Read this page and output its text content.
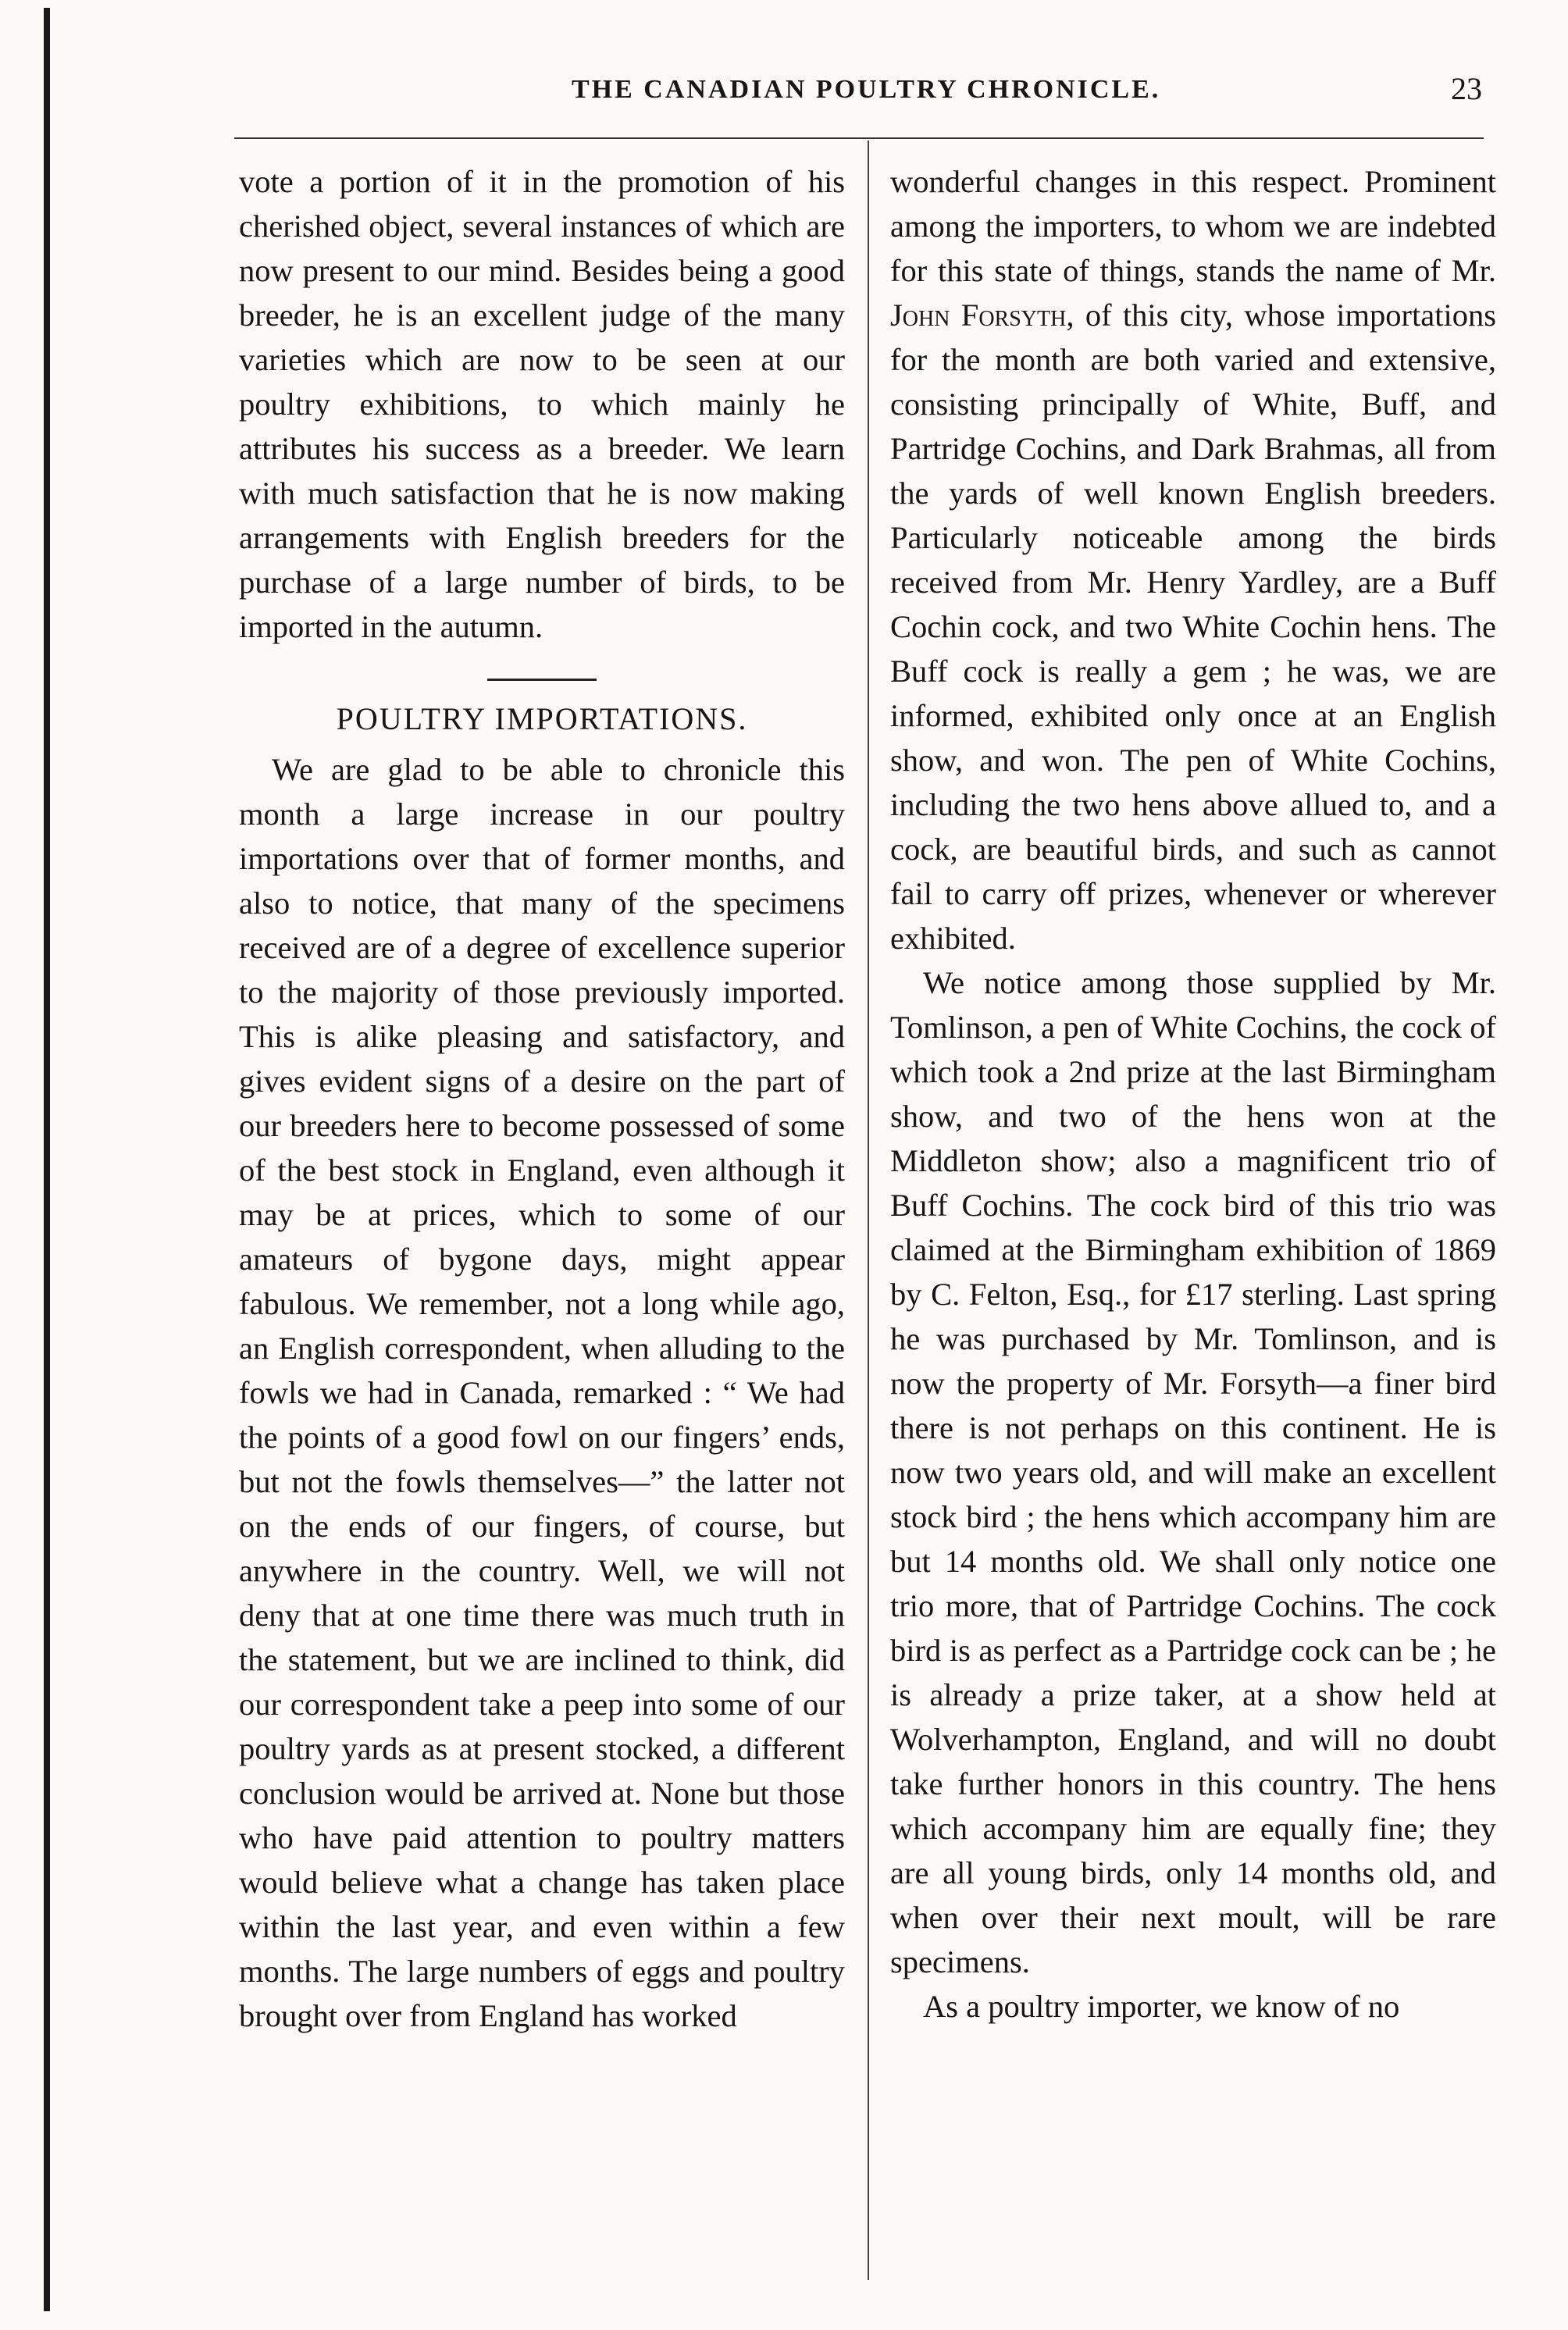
THE CANADIAN POULTRY CHRONICLE.	23

vote a portion of it in the promotion of his cherished object, several instances of which are now present to our mind. Besides being a good breeder, he is an excellent judge of the many varieties which are now to be seen at our poultry exhibitions, to which mainly he attributes his success as a breeder. We learn with much satisfaction that he is now making arrangements with English breeders for the purchase of a large number of birds, to be imported in the autumn.

POULTRY IMPORTATIONS.

We are glad to be able to chronicle this month a large increase in our poultry importations over that of former months, and also to notice, that many of the specimens received are of a degree of excellence superior to the majority of those previously imported. This is alike pleasing and satisfactory, and gives evident signs of a desire on the part of our breeders here to become possessed of some of the best stock in England, even although it may be at prices, which to some of our amateurs of bygone days, might appear fabulous. We remember, not a long while ago, an English correspondent, when alluding to the fowls we had in Canada, remarked : “ We had the points of a good fowl on our fingers’ ends, but not the fowls themselves—” the latter not on the ends of our fingers, of course, but anywhere in the country. Well, we will not deny that at one time there was much truth in the statement, but we are inclined to think, did our correspondent take a peep into some of our poultry yards as at present stocked, a different conclusion would be arrived at. None but those who have paid attention to poultry matters would believe what a change has taken place within the last year, and even within a few months. The large numbers of eggs and poultry brought over from England has worked

wonderful changes in this respect. Prominent among the importers, to whom we are indebted for this state of things, stands the name of Mr. John Forsyth, of this city, whose importations for the month are both varied and extensive, consisting principally of White, Buff, and Partridge Cochins, and Dark Brahmas, all from the yards of well known English breeders. Particularly noticeable among the birds received from Mr. Henry Yardley, are a Buff Cochin cock, and two White Cochin hens. The Buff cock is really a gem ; he was, we are informed, exhibited only once at an English show, and won. The pen of White Cochins, including the two hens above allued to, and a cock, are beautiful birds, and such as cannot fail to carry off prizes, whenever or wherever exhibited.

We notice among those supplied by Mr. Tomlinson, a pen of White Cochins, the cock of which took a 2nd prize at the last Birmingham show, and two of the hens won at the Middleton show; also a magnificent trio of Buff Cochins. The cock bird of this trio was claimed at the Birmingham exhibition of 1869 by C. Felton, Esq., for £17 sterling. Last spring he was purchased by Mr. Tomlinson, and is now the property of Mr. Forsyth—a finer bird there is not perhaps on this continent. He is now two years old, and will make an excellent stock bird ; the hens which accompany him are but 14 months old. We shall only notice one trio more, that of Partridge Cochins. The cock bird is as perfect as a Partridge cock can be ; he is already a prize taker, at a show held at Wolverhampton, England, and will no doubt take further honors in this country. The hens which accompany him are equally fine; they are all young birds, only 14 months old, and when over their next moult, will be rare specimens.

As a poultry importer, we know of no
